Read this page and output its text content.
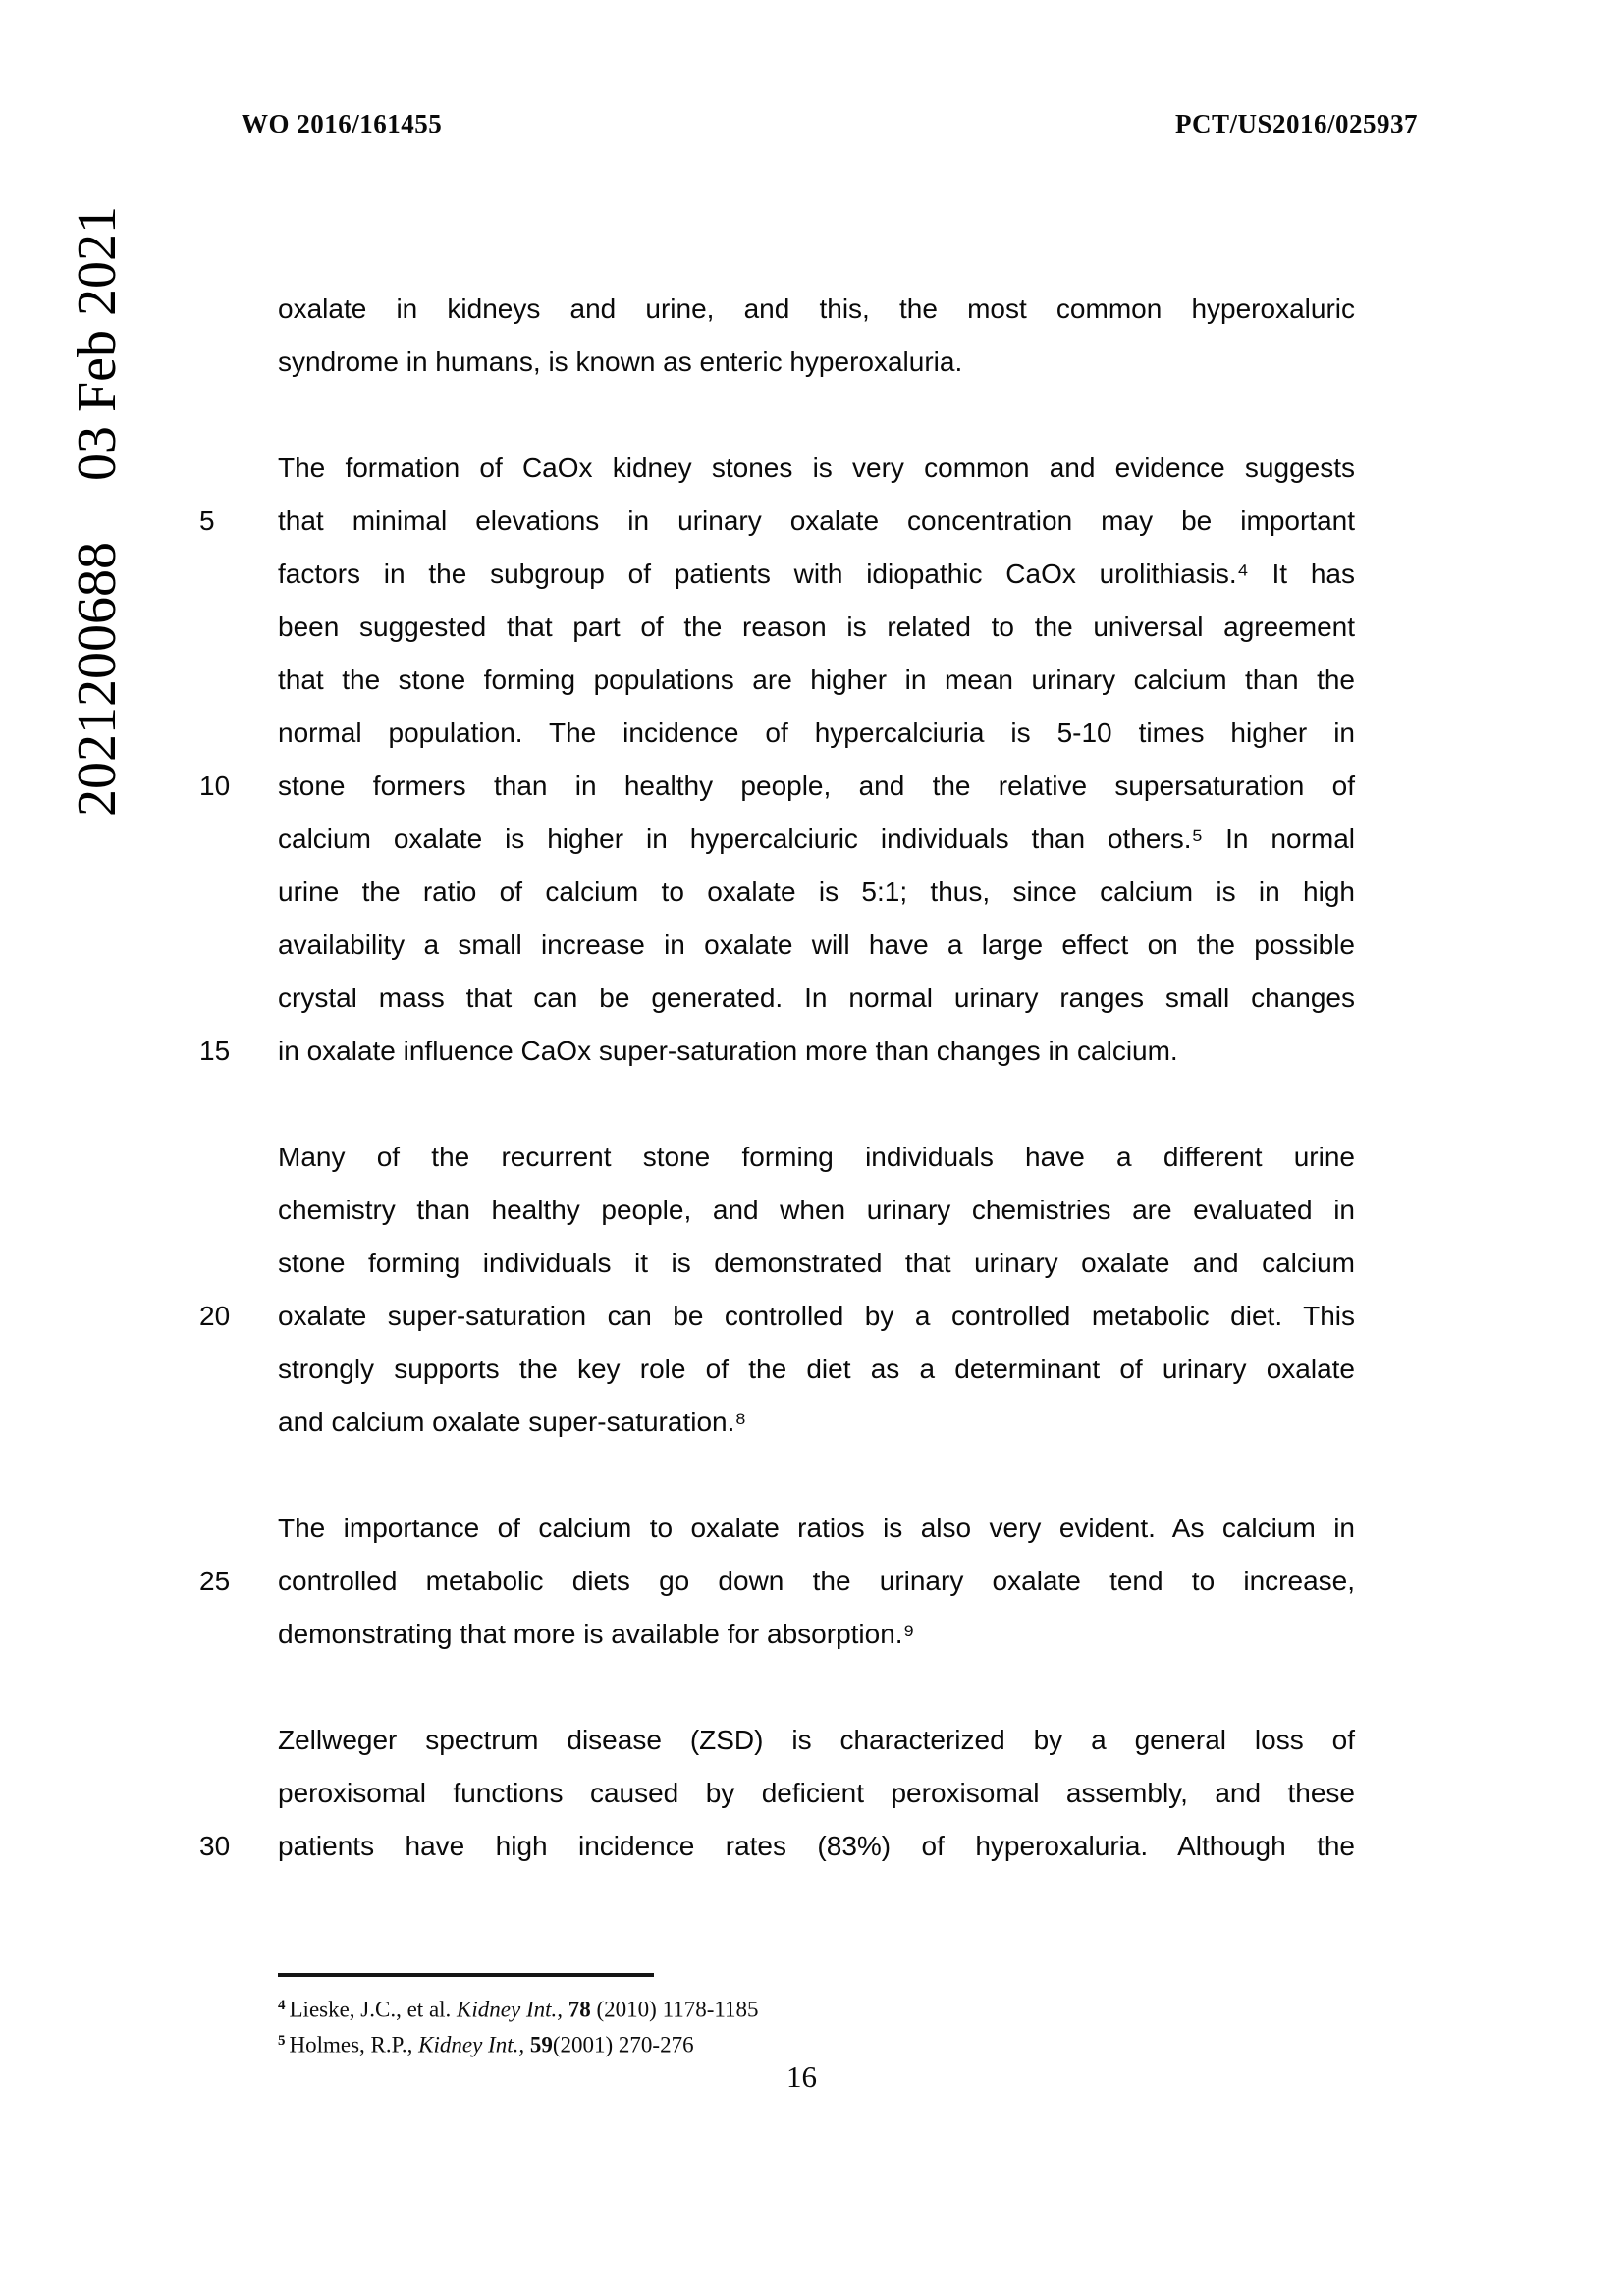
WO 2016/161455	PCT/US2016/025937
202120068803 Feb 2021	oxalate in kidneys and urine, and this, the most common hyperoxaluric
syndrome in humans, is known as enteric hyperoxaluria.
The formation of CaOx kidney stones is very common and evidence suggests
that minimal elevations in urinary oxalate concentration may be important
5
factors in the subgroup of patients with idiopathic CaOx urolithiasis.⁴ It has
been suggested that part of the reason is related to the universal agreement
that the stone forming populations are higher in mean urinary calcium than the
normal population. The incidence of hypercalciuria is 5-10 times higher in
stone formers than in healthy people, and the relative supersaturation of
10
calcium oxalate is higher in hypercalciuric individuals than others.⁵ In normal
urine the ratio of calcium to oxalate is 5:1; thus, since calcium is in high
availability a small increase in oxalate will have a large effect on the possible
crystal mass that can be generated. In normal urinary ranges small changes
in oxalate influence CaOx super-saturation more than changes in calcium.
15
Many of the recurrent stone forming individuals have a different urine
chemistry than healthy people, and when urinary chemistries are evaluated in
stone forming individuals it is demonstrated that urinary oxalate and calcium
oxalate super-saturation can be controlled by a controlled metabolic diet. This
20
strongly supports the key role of the diet as a determinant of urinary oxalate
and calcium oxalate super-saturation.⁸
The importance of calcium to oxalate ratios is also very evident. As calcium in
controlled metabolic diets go down the urinary oxalate tend to increase,
25
demonstrating that more is available for absorption.⁹
Zellweger spectrum disease (ZSD) is characterized by a general loss of
peroxisomal functions caused by deficient peroxisomal assembly, and these
patients have high incidence rates (83%) of hyperoxaluria. Although the
30
$^4$ Lieske, J.C., et al. Kidney Int., 78 (2010) 1178-1185
$^5$ Holmes, R.P., Kidney Int., 59(2001) 270-276
16
